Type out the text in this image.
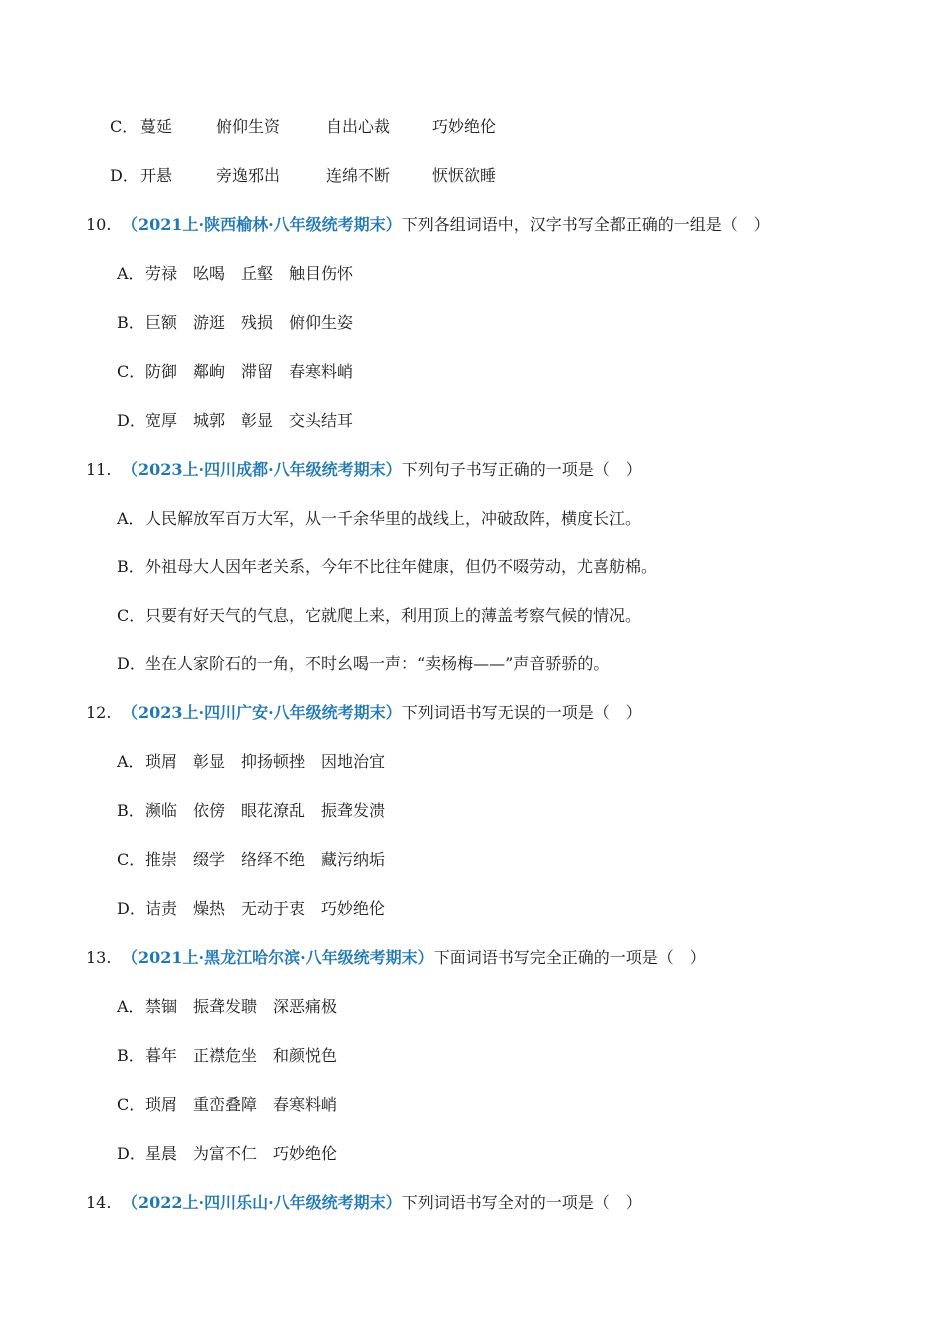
C． 蔓延	俯仰生资	自出心裁	巧妙绝伦
D．开悬	旁逸邪出	连绵不断	恹恹欲睡
10. （2021上·陕西榆林·八年级统考期末）下列各组词语中，汉字书写全都正确的一组是（　）
A．劳禄　吆喝　丘壑　触目伤怀
B．巨额　游逛　残损　俯仰生姿
C．防御　鄰峋　滞留　春寒料峭
D．宽厚　城郭　彰显　交头结耳
11. （2023上·四川成都·八年级统考期末）下列句子书写正确的一项是（　）
A．人民解放军百万大军，从一千余华里的战线上，冲破敌阵，横度长江。
B．外祖母大人因年老关系，今年不比往年健康，但仍不啜劳动，尤喜舫棉。
C．只要有好天气的气息，它就爬上来，利用顶上的薄盖考察气候的情况。
D．坐在人家阶石的一角，不时幺喝一声：“卖杨梅——”声音骄骄的。
12. （2023上·四川广安·八年级统考期末）下列词语书写无误的一项是（　）
A．琐屑　彰显　抑扬顿挫　因地治宜
B．濒临　依傍　眼花潦乱　振聋发溃
C．推崇　缀学　络绎不绝　藏污纳垢
D．诘责　燥热　无动于衷　巧妙绝伦
13. （2021上·黑龙江哈尔滨·八年级统考期末）下面词语书写完全正确的一项是（　）
A．禁锢　振聋发聩　深恶痛极
B．暮年　正襟危坐　和颜悦色
C．琐屑　重峦叠障　春寒料峭
D．星晨　为富不仁　巧妙绝伦
14. （2022上·四川乐山·八年级统考期末）下列词语书写全对的一项是（　）
